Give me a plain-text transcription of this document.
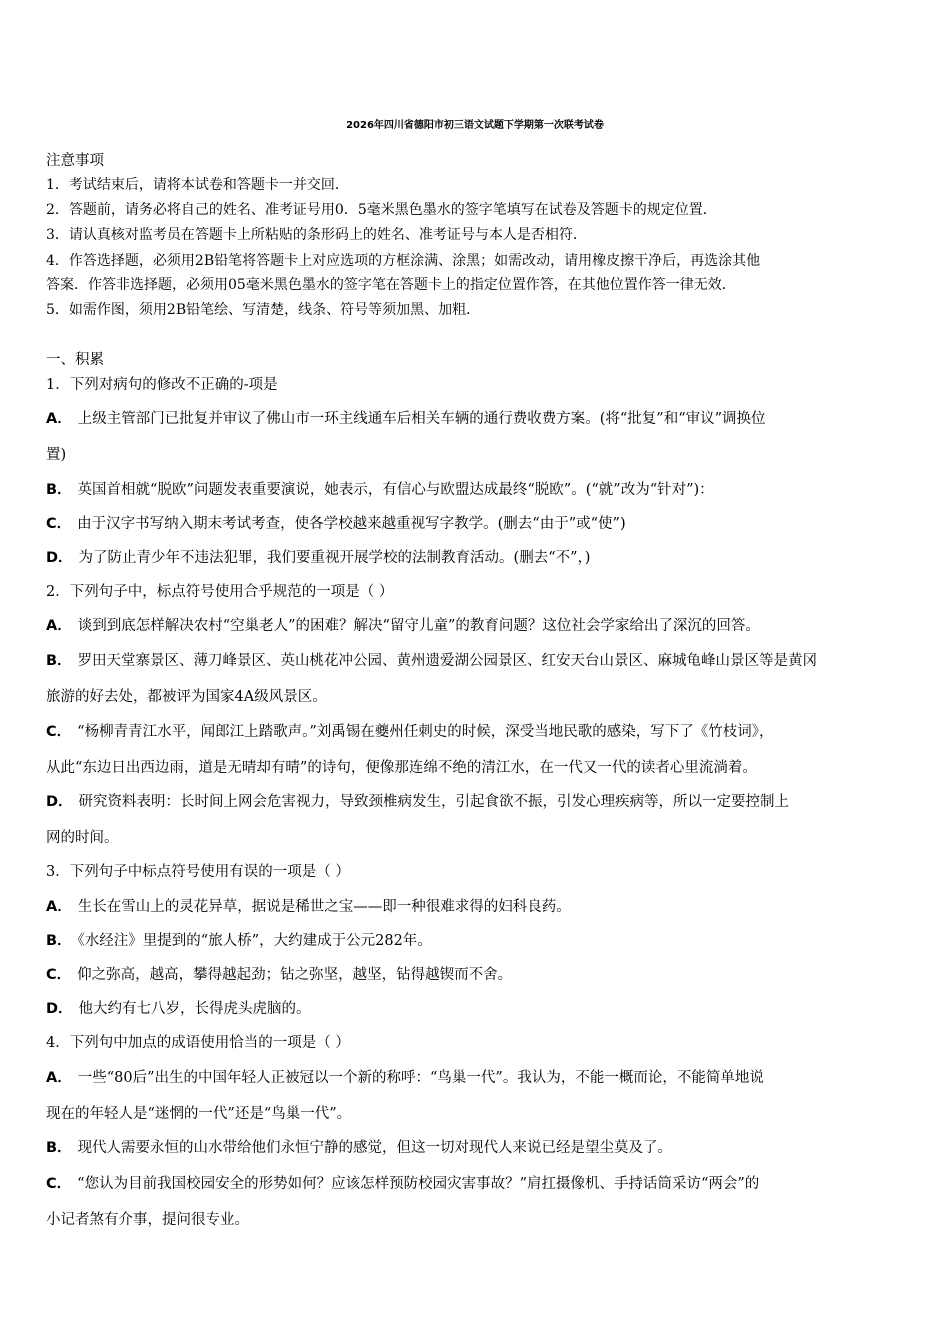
2026年四川省德阳市初三语文试题下学期第一次联考试卷
注意事项
1．考试结束后，请将本试卷和答题卡一并交回．
2．答题前，请务必将自己的姓名、准考证号用0．5毫米黑色墨水的签字笔填写在试卷及答题卡的规定位置．
3．请认真核对监考员在答题卡上所粘贴的条形码上的姓名、准考证号与本人是否相符．
4．作答选择题，必须用2B铅笔将答题卡上对应选项的方框涂满、涂黑；如需改动，请用橡皮擦干净后，再选涂其他
答案．作答非选择题，必须用05毫米黑色墨水的签字笔在答题卡上的指定位置作答，在其他位置作答一律无效．
5．如需作图，须用2B铅笔绘、写清楚，线条、符号等须加黑、加粗．
一、积累
1．下列对病句的修改不正确的-项是
A． 上级主管部门已批复并审议了佛山市一环主线通车后相关车辆的通行费收费方案。(将“批复”和“审议”调换位
置)
B． 英国首相就“脱欧”问题发表重要演说，她表示，有信心与欧盟达成最终“脱欧”。(“就”改为“针对”)：
C． 由于汉字书写纳入期末考试考查，使各学校越来越重视写字教学。(删去“由于”或“使”)
D． 为了防止青少年不违法犯罪，我们要重视开展学校的法制教育活动。(删去“不”，)
2．下列句子中，标点符号使用合乎规范的一项是（ ）
A． 谈到到底怎样解决农村“空巢老人”的困难？解决“留守儿童”的教育问题？这位社会学家给出了深沉的回答。
B． 罗田天堂寨景区、薄刀峰景区、英山桃花冲公园、黄州遗爱湖公园景区、红安天台山景区、麻城龟峰山景区等是黄冈
旅游的好去处，都被评为国家4A级风景区。
C． “杨柳青青江水平，闻郎江上踏歌声。”刘禹锡在夔州任刺史的时候，深受当地民歌的感染，写下了《竹枝词》，
从此“东边日出西边雨，道是无晴却有晴”的诗句，便像那连绵不绝的清江水，在一代又一代的读者心里流淌着。
D． 研究资料表明：长时间上网会危害视力，导致颈椎病发生，引起食欲不振，引发心理疾病等，所以一定要控制上
网的时间。
3．下列句子中标点符号使用有误的一项是（ ）
A． 生长在雪山上的灵花异草，据说是稀世之宝——即一种很难求得的妇科良药。
B． 《水经注》里提到的“旅人桥”，大约建成于公元282年。
C． 仰之弥高，越高，攀得越起劲；钻之弥坚，越坚，钻得越锲而不舍。
D． 他大约有七八岁，长得虎头虎脑的。
4．下列句中加点的成语使用恰当的一项是（ ）
A． 一些“80后”出生的中国年轻人正被冠以一个新的称呼：“鸟巢一代”。我认为，不能一概而论，不能简单地说
现在的年轻人是“迷惘的一代”还是“鸟巢一代”。
B． 现代人需要永恒的山水带给他们永恒宁静的感觉，但这一切对现代人来说已经是望尘莫及了。
C． “您认为目前我国校园安全的形势如何？应该怎样预防校园灾害事故？”肩扛摄像机、手持话筒采访“两会”的
小记者煞有介事，提问很专业。
